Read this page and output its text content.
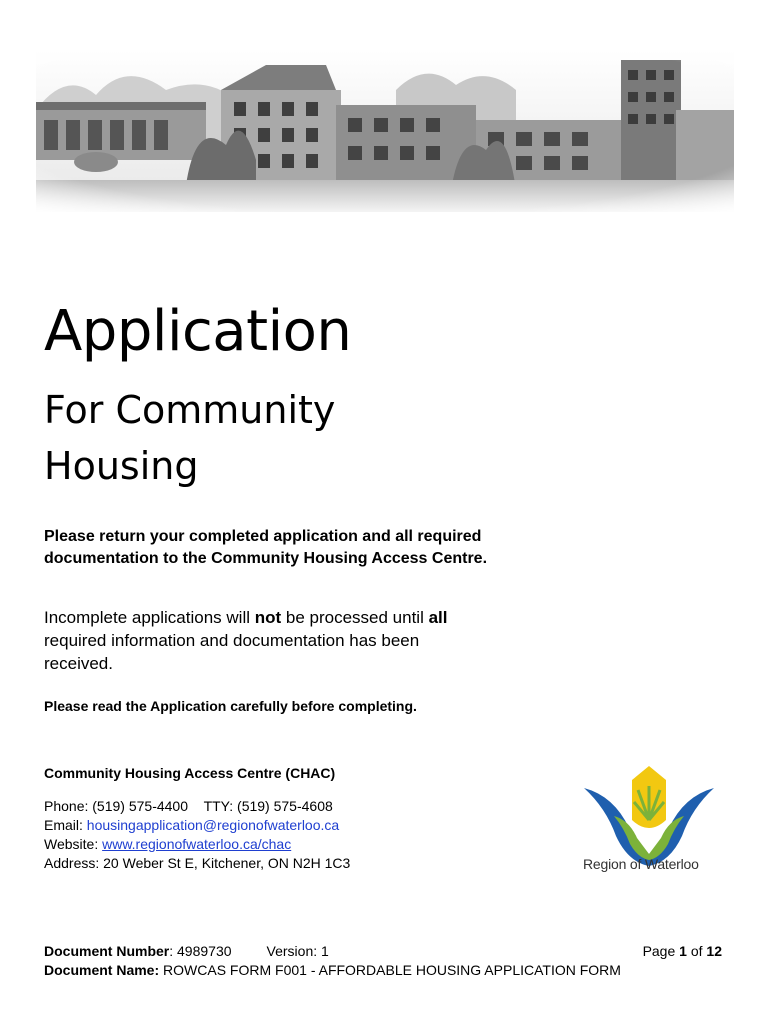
Application
For Community
Housing

Please return your completed application and all required documentation to the Community Housing Access Centre.

Incomplete applications will not be processed until all required information and documentation has been received.

Please read the Application carefully before completing.

Community Housing Access Centre (CHAC)
Phone: (519) 575-4400 TTY: (519) 575-4608
Email: housingapplication@regionofwaterloo.ca
Website: www.regionofwaterloo.ca/chac
Address: 20 Weber St E, Kitchener, ON N2H 1C3	Region of Waterloo
Document Number: 4989730	Version: 1	Page 1 of 12
Document Name: ROWCAS FORM F001 - AFFORDABLE HOUSING APPLICATION FORM
